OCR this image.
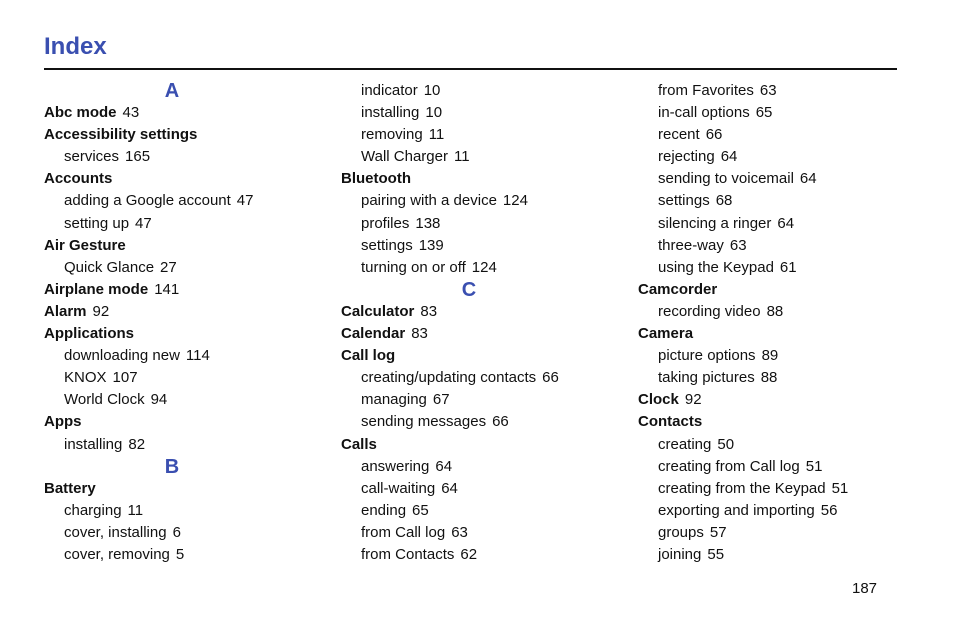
Index
A
Abc mode 43
Accessibility settings
services 165
Accounts
adding a Google account 47
setting up 47
Air Gesture
Quick Glance 27
Airplane mode 141
Alarm 92
Applications
downloading new 114
KNOX 107
World Clock 94
Apps
installing 82
B
Battery
charging 11
cover, installing 6
cover, removing 5
indicator 10
installing 10
removing 11
Wall Charger 11
Bluetooth
pairing with a device 124
profiles 138
settings 139
turning on or off 124
C
Calculator 83
Calendar 83
Call log
creating/updating contacts 66
managing 67
sending messages 66
Calls
answering 64
call-waiting 64
ending 65
from Call log 63
from Contacts 62
from Favorites 63
in-call options 65
recent 66
rejecting 64
sending to voicemail 64
settings 68
silencing a ringer 64
three-way 63
using the Keypad 61
Camcorder
recording video 88
Camera
picture options 89
taking pictures 88
Clock 92
Contacts
creating 50
creating from Call log 51
creating from the Keypad 51
exporting and importing 56
groups 57
joining 55
187
